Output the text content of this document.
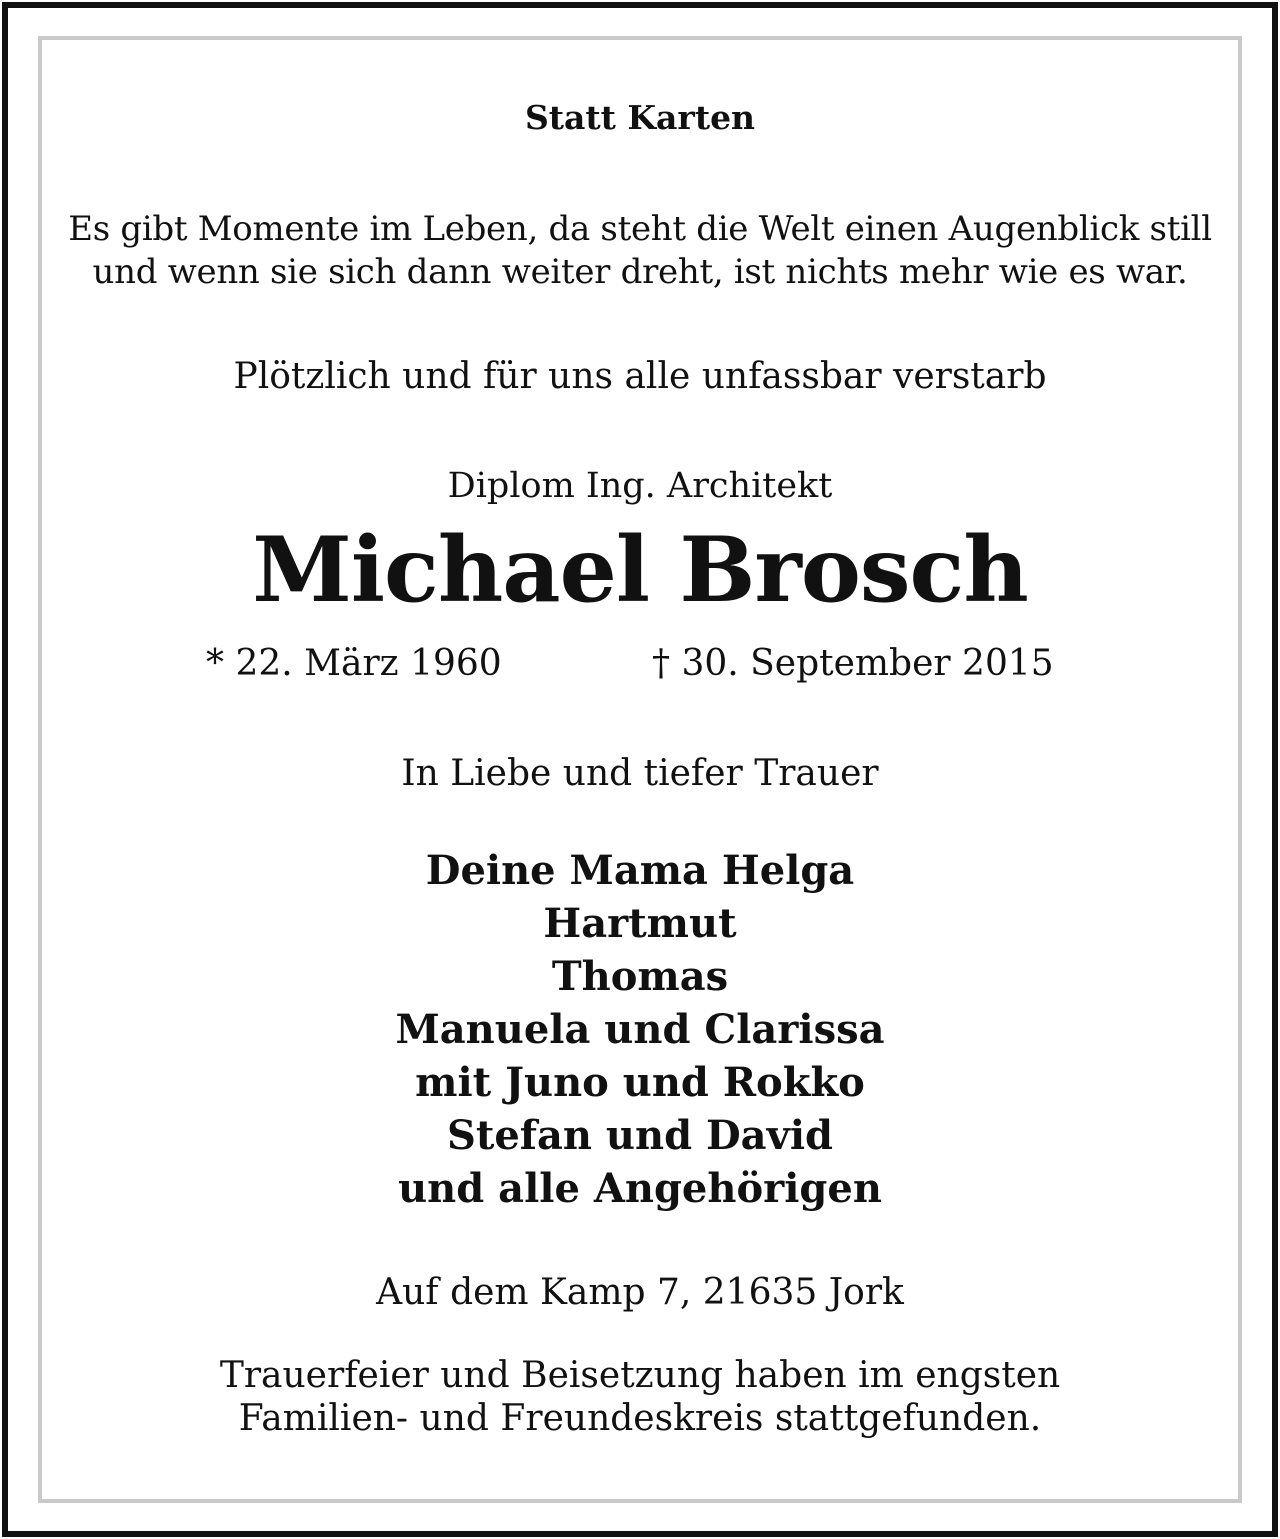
Statt Karten
Es gibt Momente im Leben, da steht die Welt einen Augenblick still
und wenn sie sich dann weiter dreht, ist nichts mehr wie es war.
Plötzlich und für uns alle unfassbar verstarb
Diplom Ing. Architekt
Michael Brosch
* 22. März 1960	† 30. September 2015
In Liebe und tiefer Trauer
Deine Mama Helga
Hartmut
Thomas
Manuela und Clarissa
mit Juno und Rokko
Stefan und David
und alle Angehörigen
Auf dem Kamp 7, 21635 Jork
Trauerfeier und Beisetzung haben im engsten
Familien- und Freundeskreis stattgefunden.
